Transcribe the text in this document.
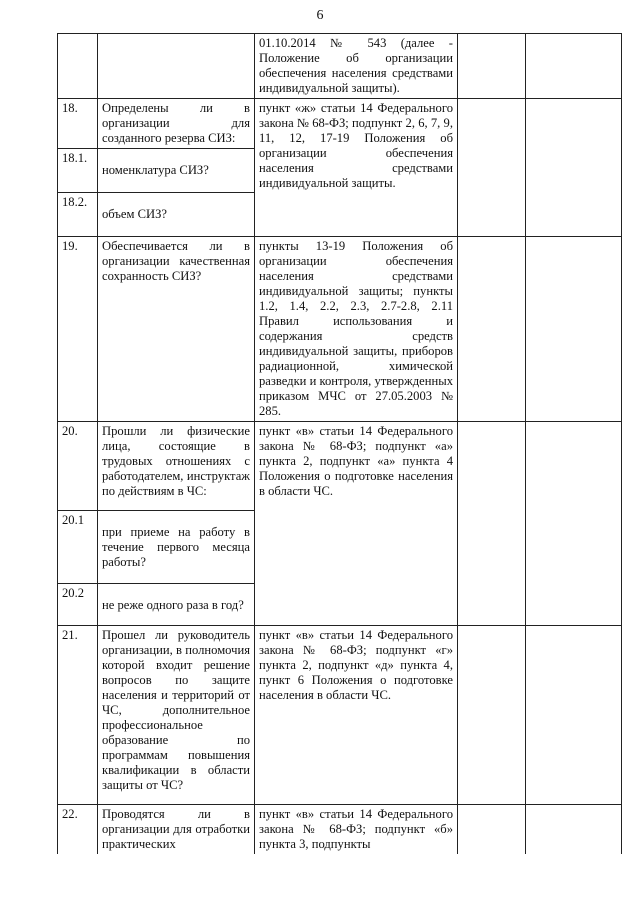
6
		01.10.2014 № 543 (далее - Положение об организации обеспечения населения средствами индивидуальной защиты).		
18.	Определены ли в организации для созданного резерва СИЗ:	пункт «ж» статьи 14 Федерального закона № 68-ФЗ; подпункт 2, 6, 7, 9, 11, 12, 17-19 Положения об организации обеспечения населения средствами индивидуальной защиты.		
18.1.	номенклатура СИЗ?			

18.2.	объем СИЗ?			

19.	Обеспечивается ли в организации качественная сохранность СИЗ?	пункты 13-19 Положения об организации обеспечения населения средствами индивидуальной защиты; пункты 1.2, 1.4, 2.2, 2.3, 2.7-2.8, 2.11 Правил использования и содержания средств индивидуальной защиты, приборов радиационной, химической разведки и контроля, утвержденных приказом МЧС от 27.05.2003 № 285.		
20.	Прошли ли физические лица, состоящие в трудовых отношениях с работодателем, инструктаж по действиям в ЧС:	пункт «в» статьи 14 Федерального закона № 68-ФЗ; подпункт «а» пункта 2, подпункт «а» пункта 4 Положения о подготовке населения в области ЧС.		
20.1	при приеме на работу в течение первого месяца работы?			

20.2	не реже одного раза в год?			

21.	Прошел ли руководитель организации, в полномочия которой входит решение вопросов по защите населения и территорий от ЧС, дополнительное профессиональное образование по программам повышения квалификации в области защиты от ЧС?	пункт «в» статьи 14 Федерального закона № 68-ФЗ; подпункт «г» пункта 2, подпункт «д» пункта 4, пункт 6 Положения о подготовке населения в области ЧС.		
22.	Проводятся ли в организации для отработки практических	пункт «в» статьи 14 Федерального закона № 68-ФЗ; подпункт «б» пункта 3, подпункты		
